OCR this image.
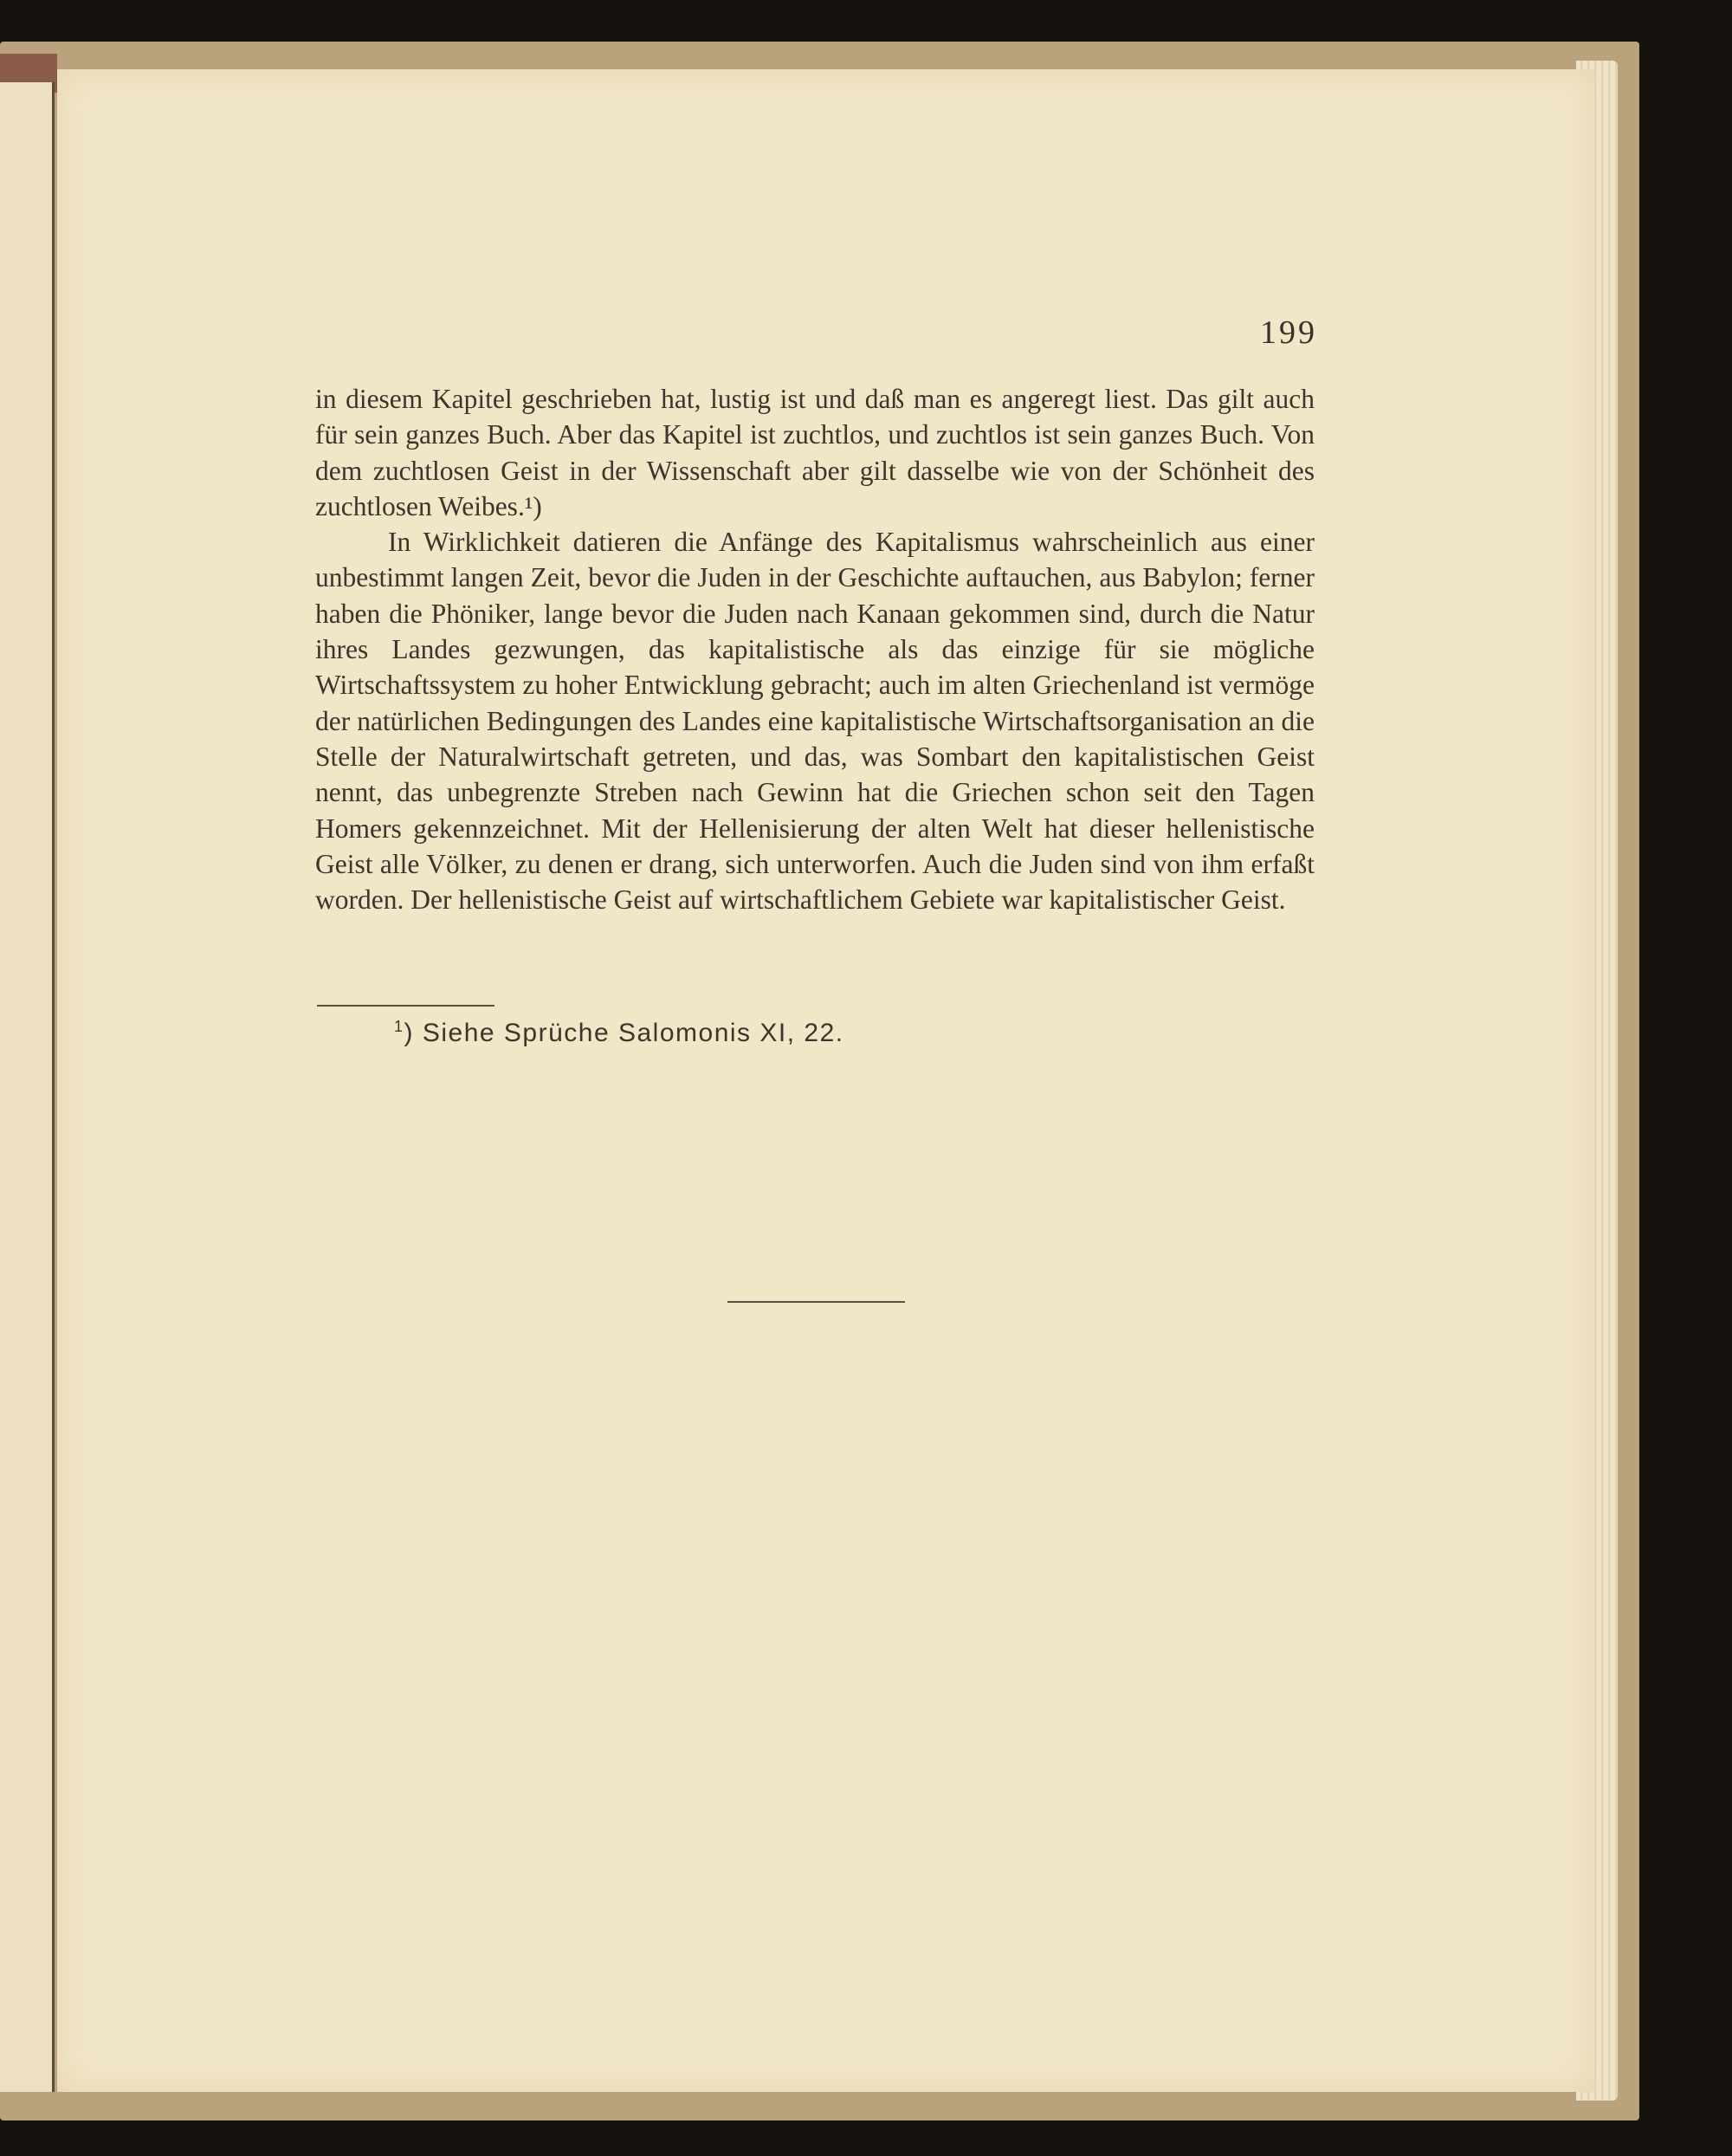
199

in diesem Kapitel geschrieben hat, lustig ist und daß man es angeregt liest. Das gilt auch für sein ganzes Buch. Aber das Kapitel ist zuchtlos, und zuchtlos ist sein ganzes Buch. Von dem zuchtlosen Geist in der Wissenschaft aber gilt dasselbe wie von der Schönheit des zuchtlosen Weibes.¹)

In Wirklichkeit datieren die Anfänge des Kapitalismus wahrscheinlich aus einer unbestimmt langen Zeit, bevor die Juden in der Geschichte auftauchen, aus Babylon; ferner haben die Phöniker, lange bevor die Juden nach Kanaan gekommen sind, durch die Natur ihres Landes gezwungen, das kapitalistische als das einzige für sie mögliche Wirtschaftssystem zu hoher Entwicklung gebracht; auch im alten Griechenland ist vermöge der natürlichen Bedingungen des Landes eine kapitalistische Wirtschaftsorganisation an die Stelle der Naturalwirtschaft getreten, und das, was Sombart den kapitalistischen Geist nennt, das unbegrenzte Streben nach Gewinn hat die Griechen schon seit den Tagen Homers gekennzeichnet. Mit der Hellenisierung der alten Welt hat dieser hellenistische Geist alle Völker, zu denen er drang, sich unterworfen. Auch die Juden sind von ihm erfaßt worden. Der hellenistische Geist auf wirtschaftlichem Gebiete war kapitalistischer Geist.

$^1$) Siehe Sprüche Salomonis XI, 22.
